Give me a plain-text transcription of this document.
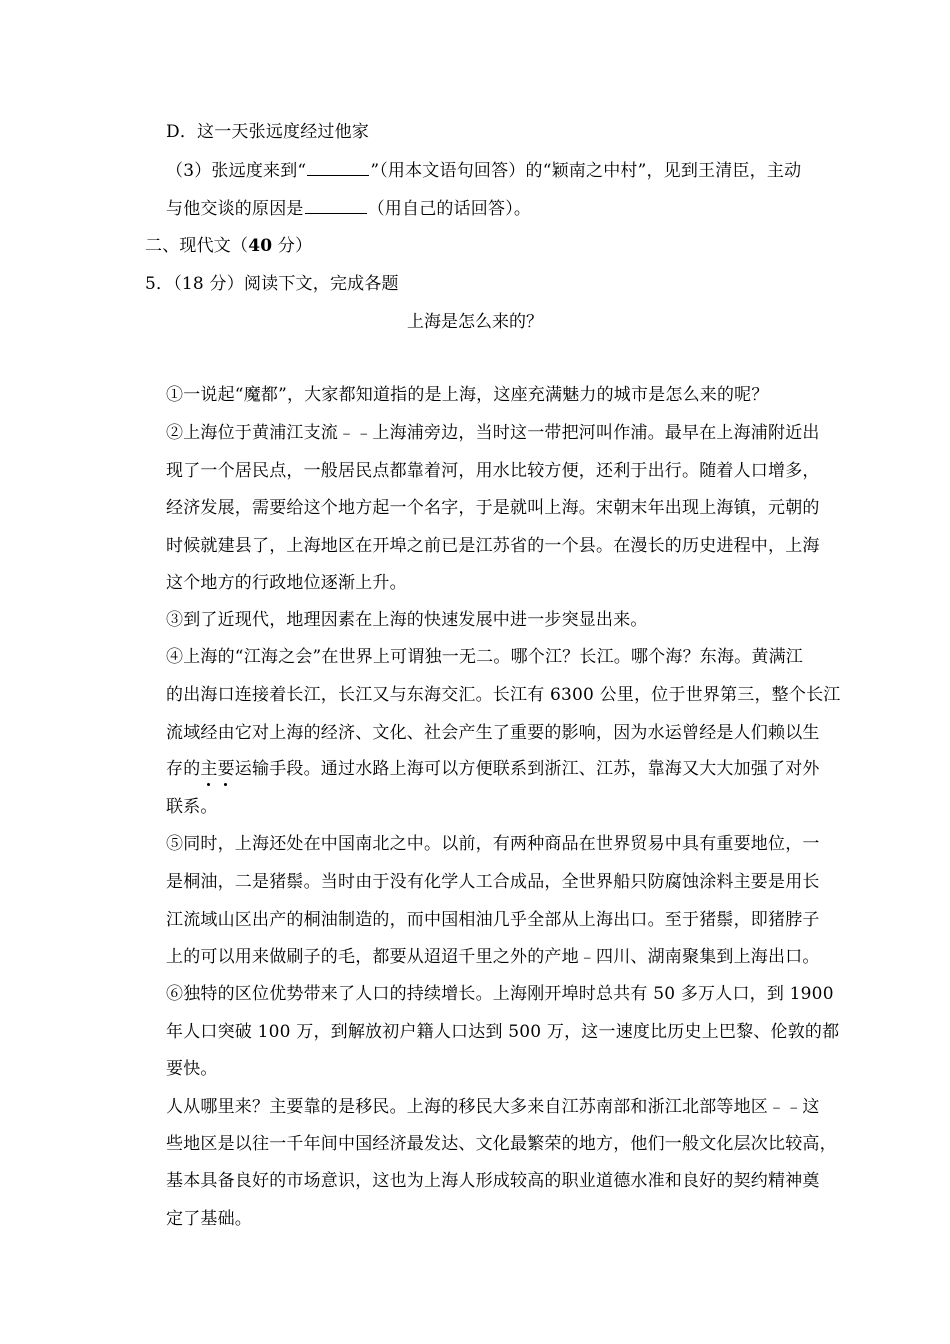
D．这一天张远度经过他家
（3）张远度来到“	”（用本文语句回答）的“颖南之中村”，见到王清臣，主动
与他交谈的原因是	（用自己的话回答）。
二、现代文（40 分）
5．（18 分）阅读下文，完成各题
上海是怎么来的？
①一说起“魔都”，大家都知道指的是上海，这座充满魅力的城市是怎么来的呢？
②上海位于黄浦江支流﹣﹣上海浦旁边，当时这一带把河叫作浦。最早在上海浦附近出
现了一个居民点，一般居民点都靠着河，用水比较方便，还利于出行。随着人口增多，
经济发展，需要给这个地方起一个名字，于是就叫上海。宋朝末年出现上海镇，元朝的
时候就建县了，上海地区在开埠之前已是江苏省的一个县。在漫长的历史进程中，上海
这个地方的行政地位逐渐上升。
③到了近现代，地理因素在上海的快速发展中进一步突显出来。
④上海的“江海之会”在世界上可谓独一无二。哪个江？长江。哪个海？东海。黄满江
的出海口连接着长江，长江又与东海交汇。长江有 6300 公里，位于世界第三，整个长江
流域经由它对上海的经济、文化、社会产生了重要的影响，因为水运曾经是人们赖以生
存的主要运输手段。通过水路上海可以方便联系到浙江、江苏，靠海又大大加强了对外
联系。
⑤同时，上海还处在中国南北之中。以前，有两种商品在世界贸易中具有重要地位，一
是桐油，二是猪鬃。当时由于没有化学人工合成品，全世界船只防腐蚀涂料主要是用长
江流域山区出产的桐油制造的，而中国相油几乎全部从上海出口。至于猪鬃，即猪脖子
上的可以用来做刷子的毛，都要从迢迢千里之外的产地﹣四川、湖南聚集到上海出口。
⑥独特的区位优势带来了人口的持续增长。上海刚开埠时总共有 50 多万人口，到 1900
年人口突破 100 万，到解放初户籍人口达到 500 万，这一速度比历史上巴黎、伦敦的都
要快。
人从哪里来？主要靠的是移民。上海的移民大多来自江苏南部和浙江北部等地区﹣﹣这
些地区是以往一千年间中国经济最发达、文化最繁荣的地方，他们一般文化层次比较高，
基本具备良好的市场意识，这也为上海人形成较高的职业道德水准和良好的契约精神奠
定了基础。
